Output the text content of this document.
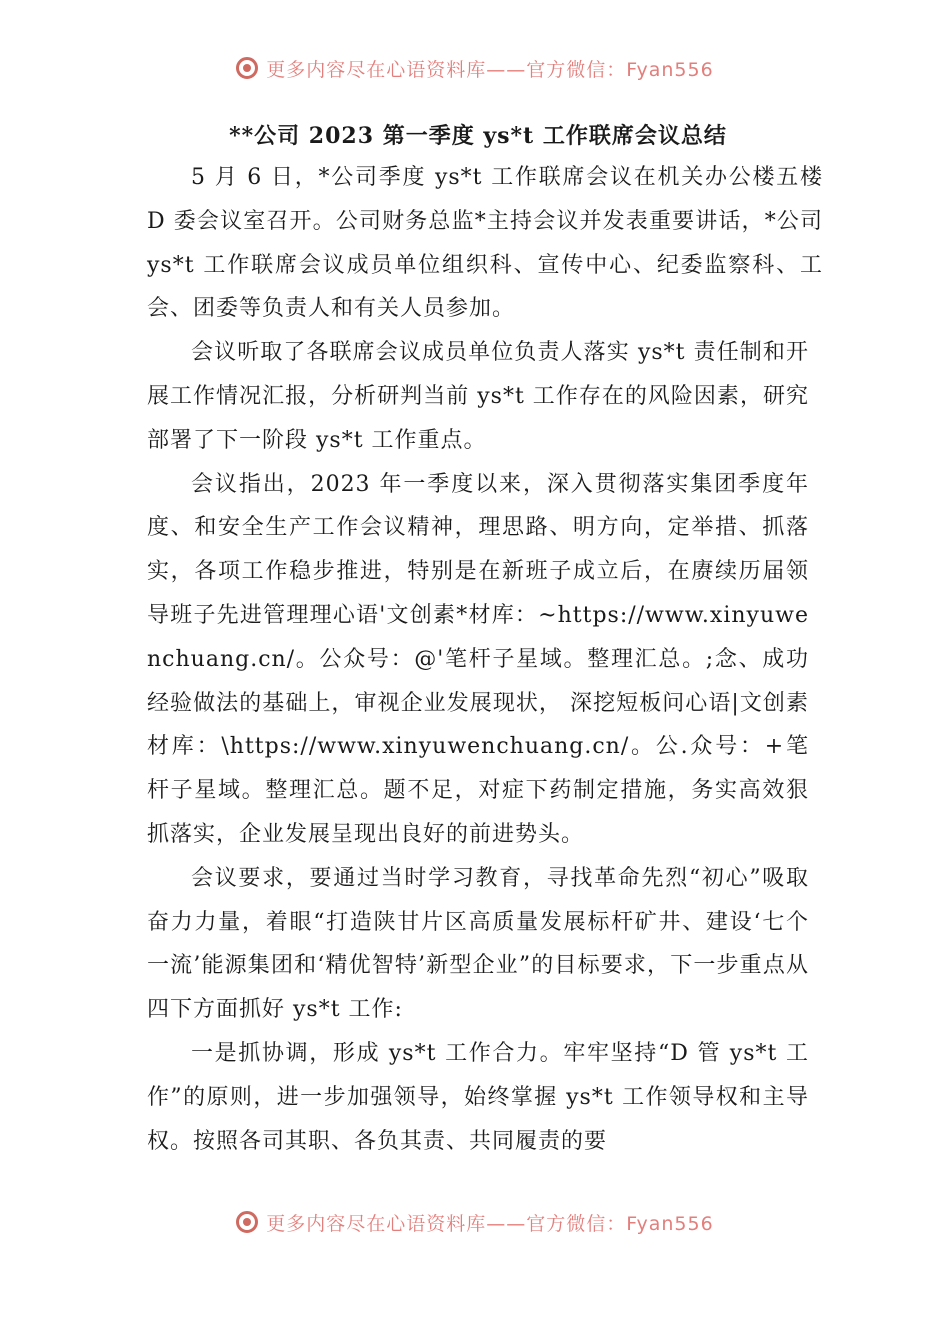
更多内容尽在心语资料库——官方微信：Fyan556
**公司 2023 第一季度 ys*t 工作联席会议总结

5 月 6 日，*公司季度 ys*t 工作联席会议在机关办公楼五楼 D 委会议室召开。公司财务总监*主持会议并发表重要讲话，*公司 ys*t 工作联席会议成员单位组织科、宣传中心、纪委监察科、工会、团委等负责人和有关人员参加。

会议听取了各联席会议成员单位负责人落实 ys*t 责任制和开展工作情况汇报，分析研判当前 ys*t 工作存在的风险因素，研究部署了下一阶段 ys*t 工作重点。

会议指出，2023 年一季度以来，深入贯彻落实集团季度年度、和安全生产工作会议精神，理思路、明方向，定举措、抓落实，各项工作稳步推进，特别是在新班子成立后，在赓续历届领导班子先进管理理心语'文创素*材库：~https://www.xinyuwenchuang.cn/。公众号：@'笔杆子星域。整理汇总。;念、成功经验做法的基础上，审视企业发展现状， 深挖短板问心语|文创素材库：\https://www.xinyuwenchuang.cn/。公.众号：+笔杆子星域。整理汇总。题不足，对症下药制定措施，务实高效狠抓落实，企业发展呈现出良好的前进势头。

会议要求，要通过当时学习教育，寻找革命先烈“初心”吸取奋力力量，着眼“打造陕甘片区高质量发展标杆矿井、建设‘七个一流’能源集团和‘精优智特’新型企业”的目标要求，下一步重点从四下方面抓好 ys*t 工作:

一是抓协调，形成 ys*t 工作合力。牢牢坚持“D 管 ys*t 工作”的原则，进一步加强领导，始终掌握 ys*t 工作领导权和主导权。按照各司其职、各负其责、共同履责的要

更多内容尽在心语资料库——官方微信：Fyan556
